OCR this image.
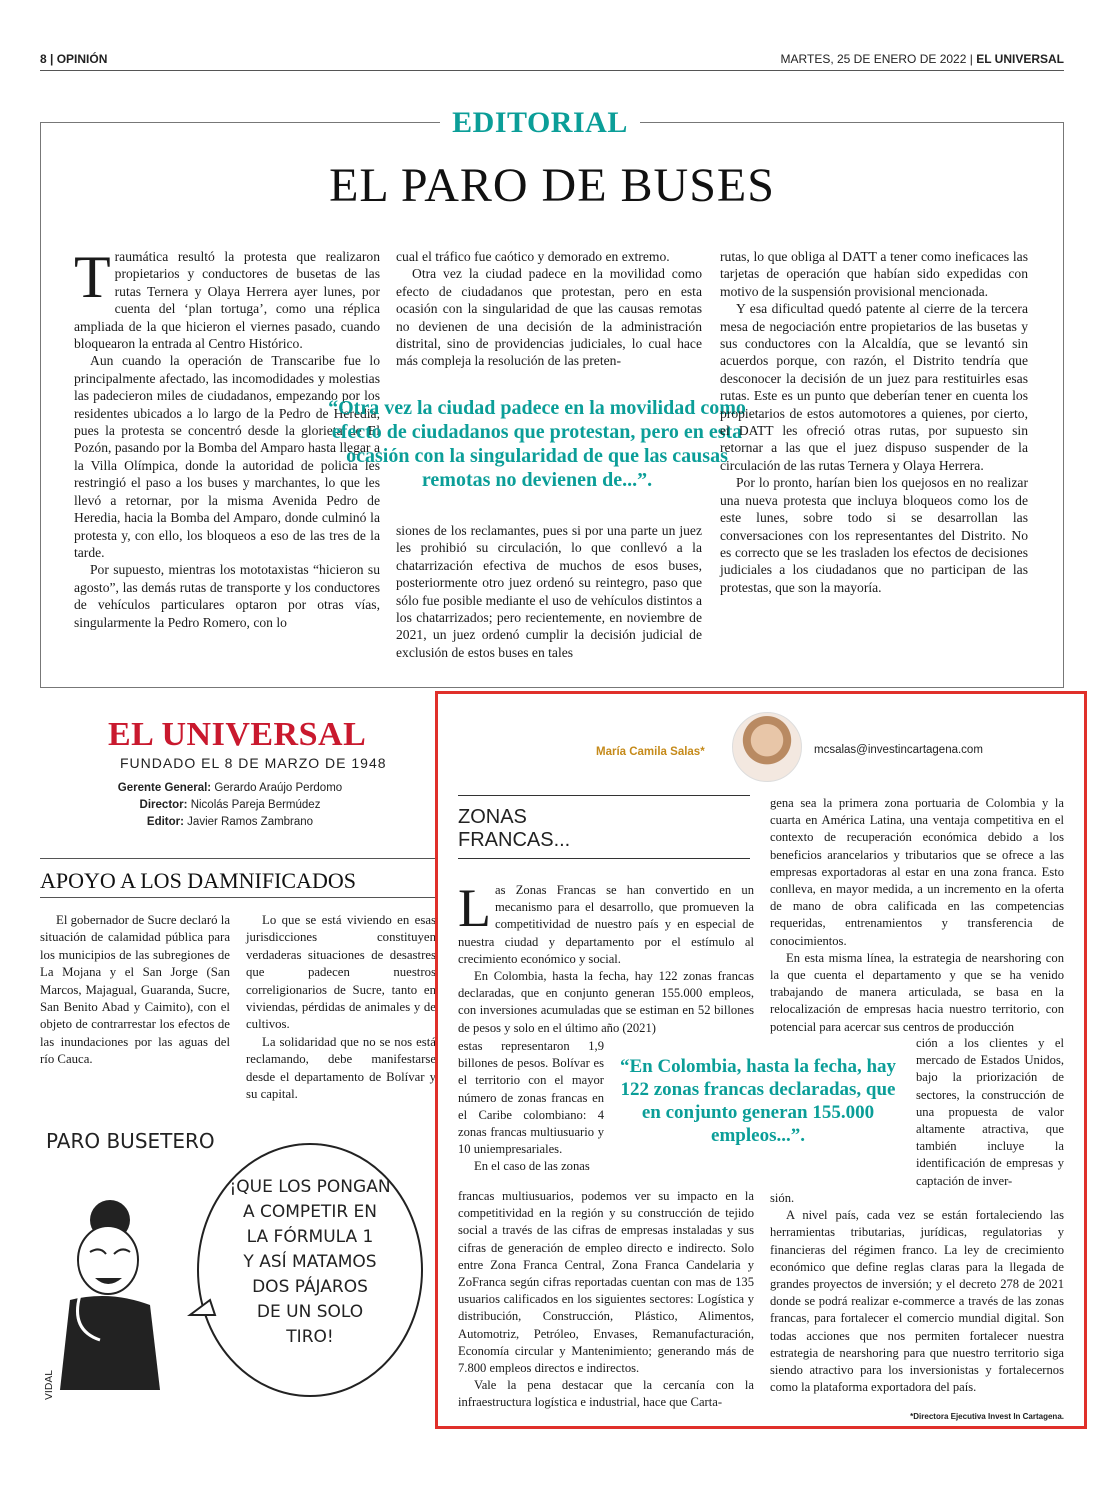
8 | OPINIÓN	MARTES, 25 DE ENERO DE 2022 | EL UNIVERSAL
EDITORIAL
EL PARO DE BUSES

Traumática resultó la protesta que realizaron propietarios y conductores de busetas de las rutas Ternera y Olaya Herrera ayer lunes, por cuenta del ‘plan tortuga’, como una réplica ampliada de la que hicieron el viernes pasado, cuando bloquearon la entrada al Centro Histórico.

Aun cuando la operación de Transcaribe fue lo principalmente afectado, las incomodidades y molestias las padecieron miles de ciudadanos, empezando por los residentes ubicados a lo largo de la Pedro de Heredia, pues la protesta se concentró desde la glorieta de El Pozón, pasando por la Bomba del Amparo hasta llegar a la Villa Olímpica, donde la autoridad de policía les restringió el paso a los buses y marchantes, lo que les llevó a retornar, por la misma Avenida Pedro de Heredia, hacia la Bomba del Amparo, donde culminó la protesta y, con ello, los bloqueos a eso de las tres de la tarde.

Por supuesto, mientras los mototaxistas “hicieron su agosto”, las demás rutas de transporte y los conductores de vehículos particulares optaron por otras vías, singularmente la Pedro Romero, con lo

cual el tráfico fue caótico y demorado en extremo.

Otra vez la ciudad padece en la movilidad como efecto de ciudadanos que protestan, pero en esta ocasión con la singularidad de que las causas remotas no devienen de una decisión de la administración distrital, sino de providencias judiciales, lo cual hace más compleja la resolución de las preten-

“Otra vez la ciudad padece en la movilidad como efecto de ciudadanos que protestan, pero en esta ocasión con la singularidad de que las causas remotas no devienen de...”.

siones de los reclamantes, pues si por una parte un juez les prohibió su circulación, lo que conllevó a la chatarrización efectiva de muchos de esos buses, posteriormente otro juez ordenó su reintegro, paso que sólo fue posible mediante el uso de vehículos distintos a los chatarrizados; pero recientemente, en noviembre de 2021, un juez ordenó cumplir la decisión judicial de exclusión de estos buses en tales

rutas, lo que obliga al DATT a tener como ineficaces las tarjetas de operación que habían sido expedidas con motivo de la suspensión provisional mencionada.

Y esa dificultad quedó patente al cierre de la tercera mesa de negociación entre propietarios de las busetas y sus conductores con la Alcaldía, que se levantó sin acuerdos porque, con razón, el Distrito tendría que desconocer la decisión de un juez para restituirles esas rutas. Este es un punto que deberían tener en cuenta los propietarios de estos automotores a quienes, por cierto, el DATT les ofreció otras rutas, por supuesto sin retornar a las que el juez dispuso suspender de la circulación de las rutas Ternera y Olaya Herrera.

Por lo pronto, harían bien los quejosos en no realizar una nueva protesta que incluya bloqueos como los de este lunes, sobre todo si se desarrollan las conversaciones con los representantes del Distrito. No es correcto que se les trasladen los efectos de decisiones judiciales a los ciudadanos que no participan de las protestas, que son la mayoría.

EL UNIVERSAL
FUNDADO EL 8 DE MARZO DE 1948
Gerente General: Gerardo Araújo Perdomo
Director: Nicolás Pareja Bermúdez
Editor: Javier Ramos Zambrano
APOYO A LOS DAMNIFICADOS

El gobernador de Sucre declaró la situación de calamidad pública para los municipios de las subregiones de La Mojana y el San Jorge (San Marcos, Majagual, Guaranda, Sucre, San Benito Abad y Caimito), con el objeto de contrarrestar los efectos de las inundaciones por las aguas del río Cauca.

Lo que se está viviendo en esas jurisdicciones constituyen verdaderas situaciones de desastres que padecen nuestros correligionarios de Sucre, tanto en viviendas, pérdidas de animales y de cultivos.

La solidaridad que no se nos está reclamando, debe manifestarse desde el departamento de Bolívar y su capital.

PARO BUSETERO
¡QUE LOS PONGAN
A COMPETIR EN
LA FÓRMULA 1
Y ASÍ MATAMOS
DOS PÁJAROS
DE UN SOLO
TIRO!
VIDAL
María Camila Salas*	mcsalas@investincartagena.com
ZONAS
FRANCAS...

Las Zonas Francas se han convertido en un mecanismo para el desarrollo, que promueven la competitividad de nuestro país y en especial de nuestra ciudad y departamento por el estímulo al crecimiento económico y social.

En Colombia, hasta la fecha, hay 122 zonas francas declaradas, que en conjunto generan 155.000 empleos, con inversiones acumuladas que se estiman en 52 billones de pesos y solo en el último año (2021)

estas representaron 1,9 billones de pesos. Bolívar es el territorio con el mayor número de zonas francas en el Caribe colombiano: 4 zonas francas multiusuario y 10 uniempresariales.

En el caso de las zonas

“En Colombia, hasta la fecha, hay 122 zonas francas declaradas, que en conjunto generan 155.000 empleos...”.

francas multiusuarios, podemos ver su impacto en la competitividad en la región y su construcción de tejido social a través de las cifras de empresas instaladas y sus cifras de generación de empleo directo e indirecto. Solo entre Zona Franca Central, Zona Franca Candelaria y ZoFranca según cifras reportadas cuentan con mas de 135 usuarios calificados en los siguientes sectores: Logística y distribución, Construcción, Plástico, Alimentos, Automotriz, Petróleo, Envases, Remanufacturación, Economía circular y Mantenimiento; generando más de 7.800 empleos directos e indirectos.

Vale la pena destacar que la cercanía con la infraestructura logística e industrial, hace que Carta-

gena sea la primera zona portuaria de Colombia y la cuarta en América Latina, una ventaja competitiva en el contexto de recuperación económica debido a los beneficios arancelarios y tributarios que se ofrece a las empresas exportadoras al estar en una zona franca. Esto conlleva, en mayor medida, a un incremento en la oferta de mano de obra calificada en las competencias requeridas, entrenamientos y transferencia de conocimientos.

En esta misma línea, la estrategia de nearshoring con la que cuenta el departamento y que se ha venido trabajando de manera articulada, se basa en la relocalización de empresas hacia nuestro territorio, con potencial para acercar sus centros de producción

ción a los clientes y el mercado de Estados Unidos, bajo la priorización de sectores, la construcción de una propuesta de valor altamente atractiva, que también incluye la identificación de empresas y captación de inver-

sión.

A nivel país, cada vez se están fortaleciendo las herramientas tributarias, jurídicas, regulatorias y financieras del régimen franco. La ley de crecimiento económico que define reglas claras para la llegada de grandes proyectos de inversión; y el decreto 278 de 2021 donde se podrá realizar e-commerce a través de las zonas francas, para fortalecer el comercio mundial digital. Son todas acciones que nos permiten fortalecer nuestra estrategia de nearshoring para que nuestro territorio siga siendo atractivo para los inversionistas y fortalecernos como la plataforma exportadora del país.

*Directora Ejecutiva Invest In Cartagena.
